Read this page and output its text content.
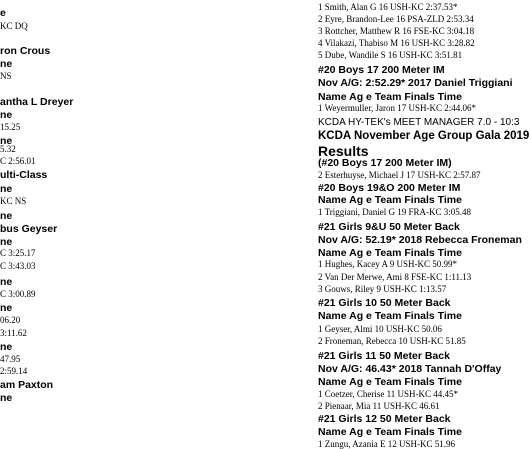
e
KC DQ
ron Crous
ne
NS
antha L Dreyer
ne
15.25
ne
5.32
C 2:56.01
ulti-Class
ne
KC NS
ne
bus Geyser
ne
C 3:25.17
C 3:43.03
ne
C 3:00.89
ne
06.20
3:11.62
ne
47.95
2:59.14
am Paxton
ne
1 Smith, Alan G 16 USH-KC 2:37.53*
2 Eyre, Brandon-Lee 16 PSA-ZLD 2:53.34
3 Rottcher, Matthew R 16 FSE-KC 3:04.18
4 Vilakazi, Thabiso M 16 USH-KC 3:28.82
5 Dube, Wandile S 16 USH-KC 3:51.81
#20 Boys 17 200 Meter IM
Nov A/G: 2:52.29* 2017 Daniel Triggiani
Name Ag e Team Finals Time
1 Weyermuller, Jaron 17 USH-KC 2:44.06*
KCDA HY-TEK's MEET MANAGER 7.0 - 10:3
KCDA November Age Group Gala 2019
Results
(#20 Boys 17 200 Meter IM)
2 Esterhuyse, Michael J 17 USH-KC 2:57.87
#20 Boys 19&O 200 Meter IM
Name Ag e Team Finals Time
1 Triggiani, Daniel G 19 FRA-KC 3:05.48
#21 Girls 9&U 50 Meter Back
Nov A/G: 52.19* 2018 Rebecca Froneman
Name Ag e Team Finals Time
1 Hughes, Kacey A 9 USH-KC 50.99*
2 Van Der Merwe, Ami 8 FSE-KC 1:11.13
3 Gouws, Riley 9 USH-KC 1:13.57
#21 Girls 10 50 Meter Back
Name Ag e Team Finals Time
1 Geyser, Almi 10 USH-KC 50.06
2 Froneman, Rebecca 10 USH-KC 51.85
#21 Girls 11 50 Meter Back
Nov A/G: 46.43* 2018 Tannah D'Offay
Name Ag e Team Finals Time
1 Coetzer, Cherise 11 USH-KC 44.45*
2 Pienaar, Mia 11 USH-KC 46.61
#21 Girls 12 50 Meter Back
Name Ag e Team Finals Time
1 Zungu, Azania E 12 USH-KC 51.96
